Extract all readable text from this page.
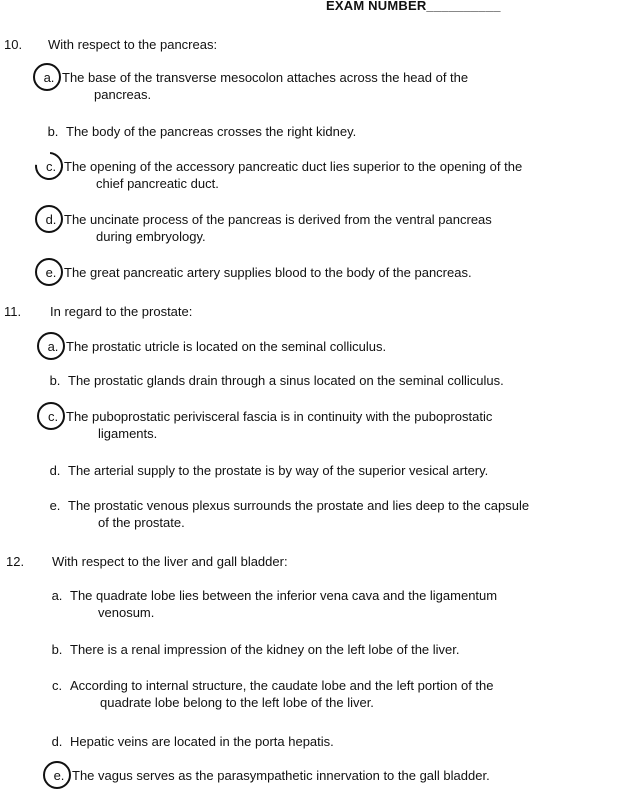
EXAM NUMBER__________
10. With respect to the pancreas:
a. The base of the transverse mesocolon attaches across the head of the
pancreas.
b. The body of the pancreas crosses the right kidney.
c. The opening of the accessory pancreatic duct lies superior to the opening of the
chief pancreatic duct.
d. The uncinate process of the pancreas is derived from the ventral pancreas
during embryology.
e. The great pancreatic artery supplies blood to the body of the pancreas.
11. In regard to the prostate:
a. The prostatic utricle is located on the seminal colliculus.
b. The prostatic glands drain through a sinus located on the seminal colliculus.
c. The puboprostatic perivisceral fascia is in continuity with the puboprostatic
ligaments.
d. The arterial supply to the prostate is by way of the superior vesical artery.
e. The prostatic venous plexus surrounds the prostate and lies deep to the capsule
of the prostate.
12. With respect to the liver and gall bladder:
a. The quadrate lobe lies between the inferior vena cava and the ligamentum
venosum.
b. There is a renal impression of the kidney on the left lobe of the liver.
c. According to internal structure, the caudate lobe and the left portion of the
quadrate lobe belong to the left lobe of the liver.
d. Hepatic veins are located in the porta hepatis.
e. The vagus serves as the parasympathetic innervation to the gall bladder.
